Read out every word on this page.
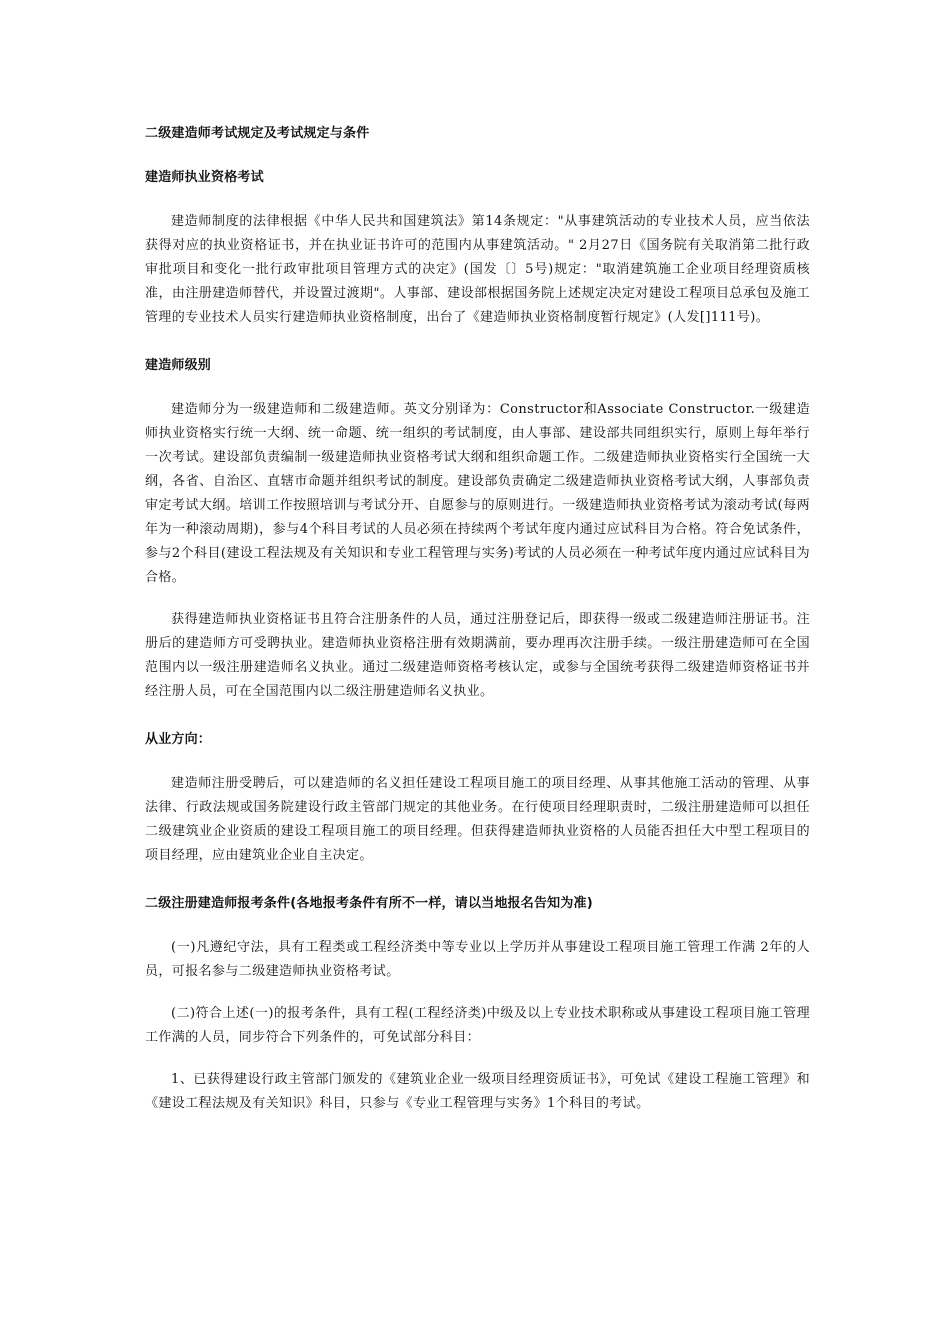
二级建造师考试规定及考试规定与条件
建造师执业资格考试

建造师制度的法律根据《中华人民共和国建筑法》第14条规定："从事建筑活动的专业技术人员，应当依法获得对应的执业资格证书，并在执业证书许可的范围内从事建筑活动。" 2月27日《国务院有关取消第二批行政审批项目和变化一批行政审批项目管理方式的决定》(国发〔〕5号)规定："取消建筑施工企业项目经理资质核准，由注册建造师替代，并设置过渡期"。人事部、建设部根据国务院上述规定决定对建设工程项目总承包及施工管理的专业技术人员实行建造师执业资格制度，出台了《建造师执业资格制度暂行规定》(人发[]111号)。

建造师级别

建造师分为一级建造师和二级建造师。英文分别译为：Constructor和Associate Constructor.一级建造师执业资格实行统一大纲、统一命题、统一组织的考试制度，由人事部、建设部共同组织实行，原则上每年举行一次考试。建设部负责编制一级建造师执业资格考试大纲和组织命题工作。二级建造师执业资格实行全国统一大纲，各省、自治区、直辖市命题并组织考试的制度。建设部负责确定二级建造师执业资格考试大纲，人事部负责审定考试大纲。培训工作按照培训与考试分开、自愿参与的原则进行。一级建造师执业资格考试为滚动考试(每两年为一种滚动周期)，参与4个科目考试的人员必须在持续两个考试年度内通过应试科目为合格。符合免试条件，参与2个科目(建设工程法规及有关知识和专业工程管理与实务)考试的人员必须在一种考试年度内通过应试科目为合格。

获得建造师执业资格证书且符合注册条件的人员，通过注册登记后，即获得一级或二级建造师注册证书。注册后的建造师方可受聘执业。建造师执业资格注册有效期满前，要办理再次注册手续。一级注册建造师可在全国范围内以一级注册建造师名义执业。通过二级建造师资格考核认定，或参与全国统考获得二级建造师资格证书并经注册人员，可在全国范围内以二级注册建造师名义执业。

从业方向：

建造师注册受聘后，可以建造师的名义担任建设工程项目施工的项目经理、从事其他施工活动的管理、从事法律、行政法规或国务院建设行政主管部门规定的其他业务。在行使项目经理职责时，二级注册建造师可以担任二级建筑业企业资质的建设工程项目施工的项目经理。但获得建造师执业资格的人员能否担任大中型工程项目的项目经理，应由建筑业企业自主决定。

二级注册建造师报考条件(各地报考条件有所不一样，请以当地报名告知为准)

(一)凡遵纪守法，具有工程类或工程经济类中等专业以上学历并从事建设工程项目施工管理工作满 2年的人员，可报名参与二级建造师执业资格考试。

(二)符合上述(一)的报考条件，具有工程(工程经济类)中级及以上专业技术职称或从事建设工程项目施工管理工作满的人员，同步符合下列条件的，可免试部分科目：

1、已获得建设行政主管部门颁发的《建筑业企业一级项目经理资质证书》，可免试《建设工程施工管理》和《建设工程法规及有关知识》科目，只参与《专业工程管理与实务》1个科目的考试。
